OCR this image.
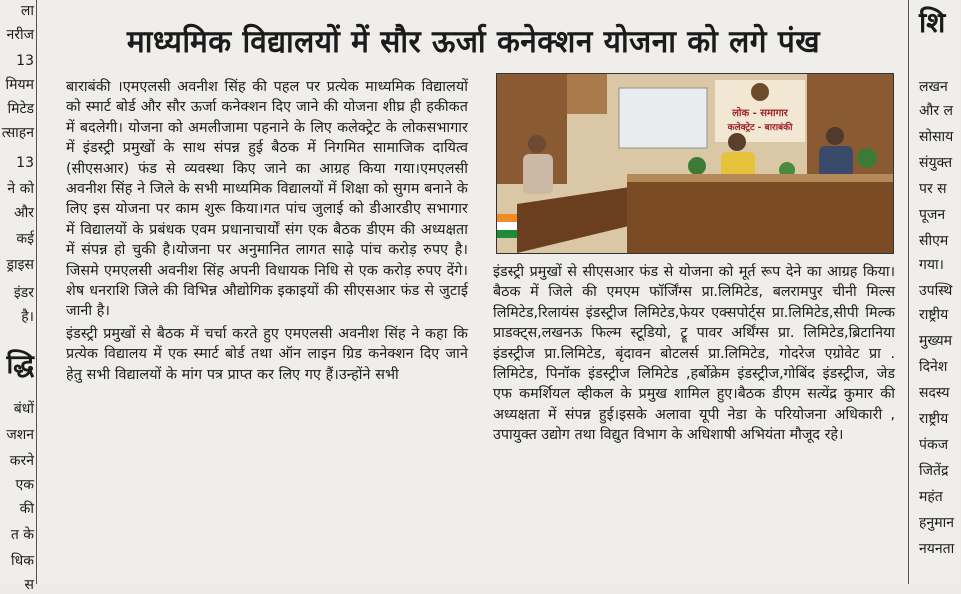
ला
नरीज
13
मियम
मिटेड
त्साहन
13
ने को
और
कई
ड्राइस
इंडर
है।
द्धि
बंधों
जशन
करने
एक
की
त के
धिक
स
माध्यमिक विद्यालयों में सौर ऊर्जा कनेक्शन योजना को लगे पंख

बाराबंकी ।एमएलसी अवनीश सिंह की पहल पर प्रत्येक माध्यमिक विद्यालयों को स्मार्ट बोर्ड और सौर ऊर्जा कनेक्शन दिए जाने की योजना शीघ्र ही हकीकत में बदलेगी। योजना को अमलीजामा पहनाने के लिए कलेक्ट्रेट के लोकसभागार में इंडस्ट्री प्रमुखों के साथ संपन्न हुई बैठक में निगमित सामाजिक दायित्व (सीएसआर) फंड से व्यवस्था किए जाने का आग्रह किया गया।एमएलसी अवनीश सिंह ने जिले के सभी माध्यमिक विद्यालयों में शिक्षा को सुगम बनाने के लिए इस योजना पर काम शुरू किया।गत पांच जुलाई को डीआरडीए सभागार में विद्यालयों के प्रबंधक एवम प्रधानाचार्यों संग एक बैठक डीएम की अध्यक्षता में संपन्न हो चुकी है।योजना पर अनुमानित लागत साढ़े पांच करोड़ रुपए है।जिसमे एमएलसी अवनीश सिंह अपनी विधायक निधि से एक करोड़ रुपए देंगे।शेष धनराशि जिले की विभिन्न औद्योगिक इकाइयों की सीएसआर फंड से जुटाई जानी है।

इंडस्ट्री प्रमुखों से बैठक में चर्चा करते हुए एमएलसी अवनीश सिंह ने कहा कि प्रत्येक विद्यालय में एक स्मार्ट बोर्ड तथा ऑन लाइन ग्रिड कनेक्शन दिए जाने हेतु सभी विद्यालयों के मांग पत्र प्राप्त कर लिए गए हैं।उन्होंने सभी

लोक - समागार
कलेक्ट्रेट - बाराबंकी
इंडस्ट्री प्रमुखों से सीएसआर फंड से योजना को मूर्त रूप देने का आग्रह किया।बैठक में जिले की एमएम फॉर्जिंग्स प्रा.लिमिटेड, बलरामपुर चीनी मिल्स लिमिटेड,रिलायंस इंडस्ट्रीज लिमिटेड,फेयर एक्सपोर्ट्स प्रा.लिमिटेड,सीपी मिल्क प्राडक्ट्स,लखनऊ फिल्म स्टूडियो, ट्रू पावर अर्थिंग्स प्रा. लिमिटेड,ब्रिटानिया इंडस्ट्रीज प्रा.लिमिटेड, बृंदावन बोटलर्स प्रा.लिमिटेड, गोदरेज एग्रोवेट प्रा . लिमिटेड, पिनॉक इंडस्ट्रीज लिमिटेड ,हर्बोक्रेम इंडस्ट्रीज,गोबिंद इंडस्ट्रीज, जेड एफ कमर्शियल व्हीकल के प्रमुख शामिल हुए।बैठक डीएम सत्येंद्र कुमार की अध्यक्षता में संपन्न हुई।इसके अलावा यूपी नेडा के परियोजना अधिकारी , उपायुक्त उद्योग तथा विद्युत विभाग के अधिशाषी अभियंता मौजूद रहे।
शि
लखन
और ल
सोसाय
संयुक्त
पर स
पूजन
सीएम
गया।
उपस्थि
राष्ट्रीय
मुख्यम
दिनेश
सदस्य
राष्ट्रीय
पंकज
जितेंद्र
महंत
हनुमान
नयनता
